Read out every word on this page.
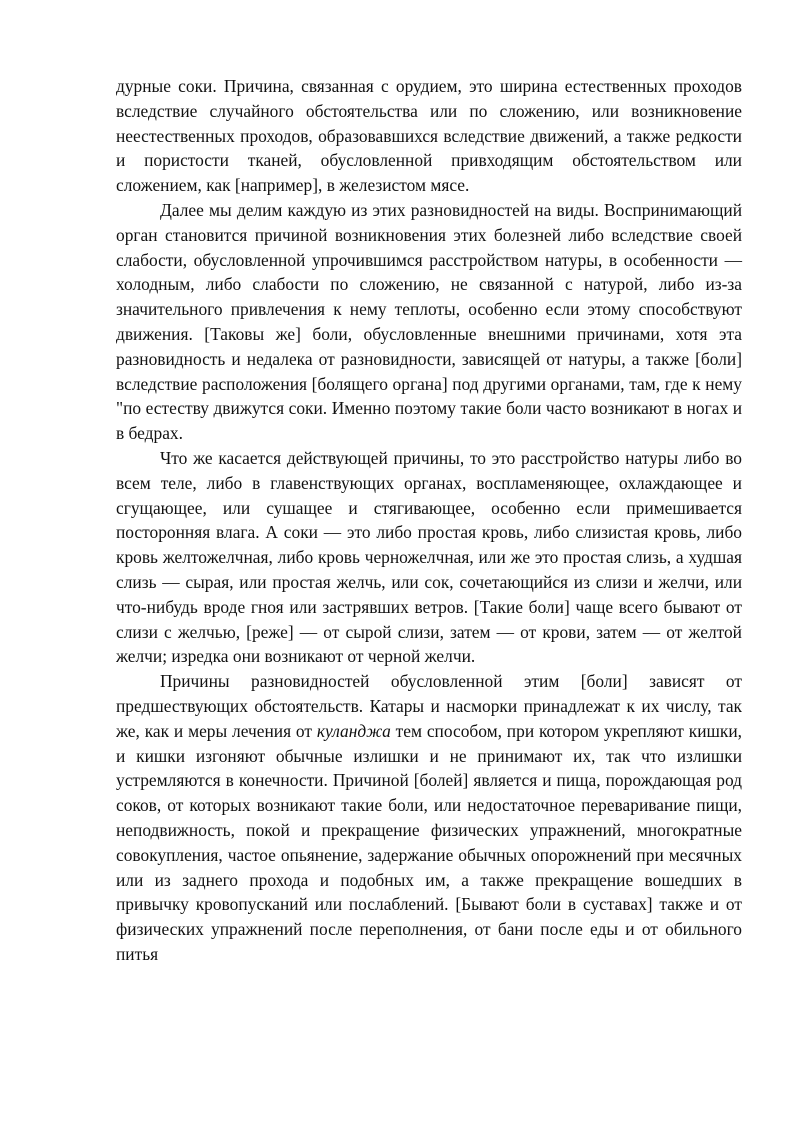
дурные соки. Причина, связанная с орудием, это ширина естественных проходов вследствие случайного обстоятельства или по сложению, или возникновение неестественных проходов, образовавшихся вследствие движений, а также редкости и пористости тканей, обусловленной привходящим обстоятельством или сложением, как [например], в железистом мясе.

Далее мы делим каждую из этих разновидностей на виды. Воспринимающий орган становится причиной возникновения этих болезней либо вследствие своей слабости, обусловленной упрочившимся расстройством натуры, в особенности — холодным, либо слабости по сложению, не связанной с натурой, либо из-за значительного привлечения к нему теплоты, особенно если этому способствуют движения. [Таковы же] боли, обусловленные внешними причинами, хотя эта разновидность и недалека от разновидности, зависящей от натуры, а также [боли] вследствие расположения [болящего органа] под другими органами, там, где к нему "по естеству движутся соки. Именно поэтому такие боли часто возникают в ногах и в бедрах.

Что же касается действующей причины, то это расстройство натуры либо во всем теле, либо в главенствующих органах, воспламеняющее, охлаждающее и сгущающее, или сушащее и стягивающее, особенно если примешивается посторонняя влага. А соки — это либо простая кровь, либо слизистая кровь, либо кровь желтожелчная, либо кровь черножелчная, или же это простая слизь, а худшая слизь — сырая, или простая желчь, или сок, сочетающийся из слизи и желчи, или что-нибудь вроде гноя или застрявших ветров. [Такие боли] чаще всего бывают от слизи с желчью, [реже] — от сырой слизи, затем — от крови, затем — от желтой желчи; изредка они возникают от черной желчи.

Причины разновидностей обусловленной этим [боли] зависят от предшествующих обстоятельств. Катары и насморки принадлежат к их числу, так же, как и меры лечения от куланджа тем способом, при котором укрепляют кишки, и кишки изгоняют обычные излишки и не принимают их, так что излишки устремляются в конечности. Причиной [болей] является и пища, порождающая род соков, от которых возникают такие боли, или недостаточное переваривание пищи, неподвижность, покой и прекращение физических упражнений, многократные совокупления, частое опьянение, задержание обычных опорожнений при месячных или из заднего прохода и подобных им, а также прекращение вошедших в привычку кровопусканий или послаблений. [Бывают боли в суставах] также и от физических упражнений после переполнения, от бани после еды и от обильного питья
